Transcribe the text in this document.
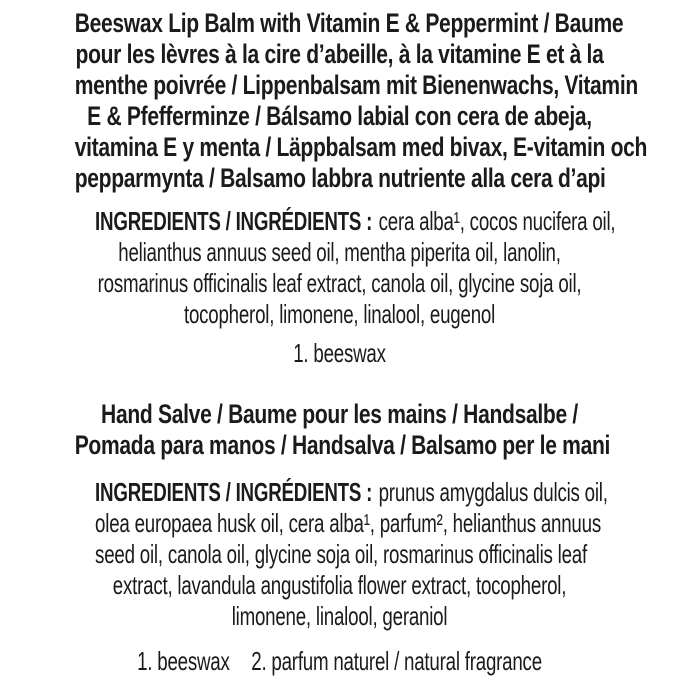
Beeswax Lip Balm with Vitamin E & Peppermint / Baume
pour les lèvres à la cire d’abeille, à la vitamine E et à la
menthe poivrée / Lippenbalsam mit Bienenwachs, Vitamin
E & Pfefferminze / Bálsamo labial con cera de abeja,
vitamina E y menta / Läppbalsam med bivax, E-vitamin och
pepparmynta / Balsamo labbra nutriente alla cera d’api
INGREDIENTS / INGRÉDIENTS : cera alba¹, cocos nucifera oil,
helianthus annuus seed oil, mentha piperita oil, lanolin,
rosmarinus officinalis leaf extract, canola oil, glycine soja oil,
tocopherol, limonene, linalool, eugenol
1. beeswax
Hand Salve / Baume pour les mains / Handsalbe /
Pomada para manos / Handsalva / Balsamo per le mani
INGREDIENTS / INGRÉDIENTS : prunus amygdalus dulcis oil,
olea europaea husk oil, cera alba¹, parfum², helianthus annuus
seed oil, canola oil, glycine soja oil, rosmarinus officinalis leaf
extract, lavandula angustifolia flower extract, tocopherol,
limonene, linalool, geraniol
1. beeswax 2. parfum naturel / natural fragrance
